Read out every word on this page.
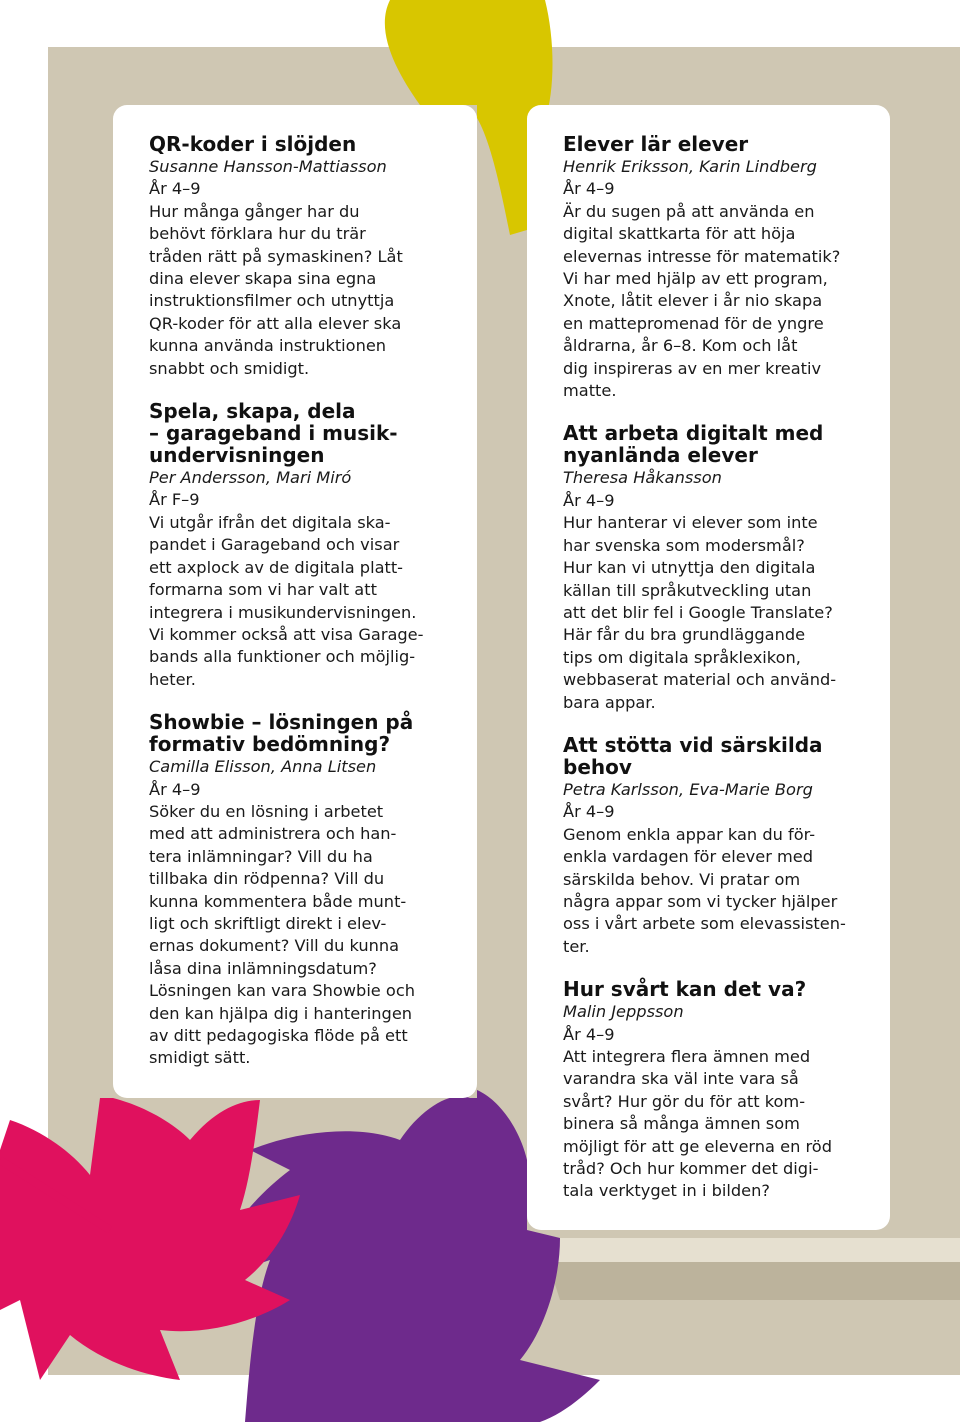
QR-koder i slöjden

Susanne Hansson-Mattiasson

År 4–9

Hur många gånger har du
behövt förklara hur du trär
tråden rätt på symaskinen? Låt
dina elever skapa sina egna
instruktionsfilmer och utnyttja
QR-koder för att alla elever ska
kunna använda instruktionen
snabbt och smidigt.

Spela, skapa, dela
– garageband i musik-
undervisningen

Per Andersson, Mari Miró

År F–9

Vi utgår ifrån det digitala ska-
pandet i Garageband och visar
ett axplock av de digitala platt-
formarna som vi har valt att
integrera i musikundervisningen.
Vi kommer också att visa Garage-
bands alla funktioner och möjlig-
heter.

Showbie – lösningen på
formativ bedömning?

Camilla Elisson, Anna Litsen

År 4–9

Söker du en lösning i arbetet
med att administrera och han-
tera inlämningar? Vill du ha
tillbaka din rödpenna? Vill du
kunna kommentera både munt-
ligt och skriftligt direkt i elev-
ernas dokument? Vill du kunna
låsa dina inlämningsdatum?
Lösningen kan vara Showbie och
den kan hjälpa dig i hanteringen
av ditt pedagogiska flöde på ett
smidigt sätt.

Elever lär elever

Henrik Eriksson, Karin Lindberg

År 4–9

Är du sugen på att använda en
digital skattkarta för att höja
elevernas intresse för matematik?
Vi har med hjälp av ett program,
Xnote, låtit elever i år nio skapa
en mattepromenad för de yngre
åldrarna, år 6–8. Kom och låt
dig inspireras av en mer kreativ
matte.

Att arbeta digitalt med
nyanlända elever

Theresa Håkansson

År 4–9

Hur hanterar vi elever som inte
har svenska som modersmål?
Hur kan vi utnyttja den digitala
källan till språkutveckling utan
att det blir fel i Google Translate?
Här får du bra grundläggande
tips om digitala språklexikon,
webbaserat material och använd-
bara appar.

Att stötta vid särskilda
behov

Petra Karlsson, Eva-Marie Borg

År 4–9

Genom enkla appar kan du för-
enkla vardagen för elever med
särskilda behov. Vi pratar om
några appar som vi tycker hjälper
oss i vårt arbete som elevassisten-
ter.

Hur svårt kan det va?

Malin Jeppsson

År 4–9

Att integrera flera ämnen med
varandra ska väl inte vara så
svårt? Hur gör du för att kom-
binera så många ämnen som
möjligt för att ge eleverna en röd
tråd? Och hur kommer det digi-
tala verktyget in i bilden?
